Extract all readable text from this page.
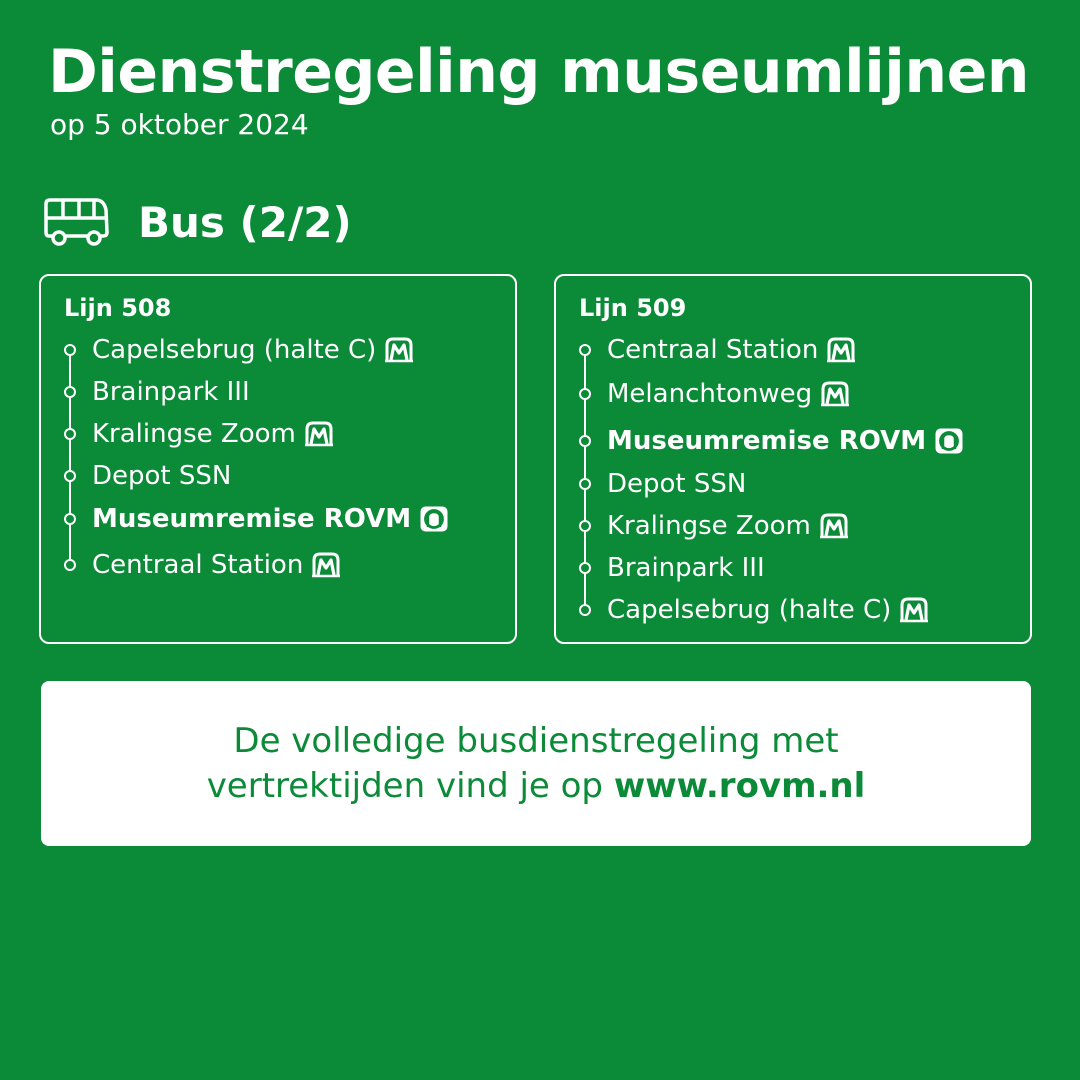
Dienstregeling museumlijnen
op 5 oktober 2024
Bus (2/2)
Lijn 508
Capelsebrug (halte C)
Brainpark III
Kralingse Zoom
Depot SSN
Museumremise ROVM
Centraal Station
Lijn 509
Centraal Station
Melanchtonweg
Museumremise ROVM
Depot SSN
Kralingse Zoom
Brainpark III
Capelsebrug (halte C)
De volledige busdienstregeling met
vertrektijden vind je op www.rovm.nl
